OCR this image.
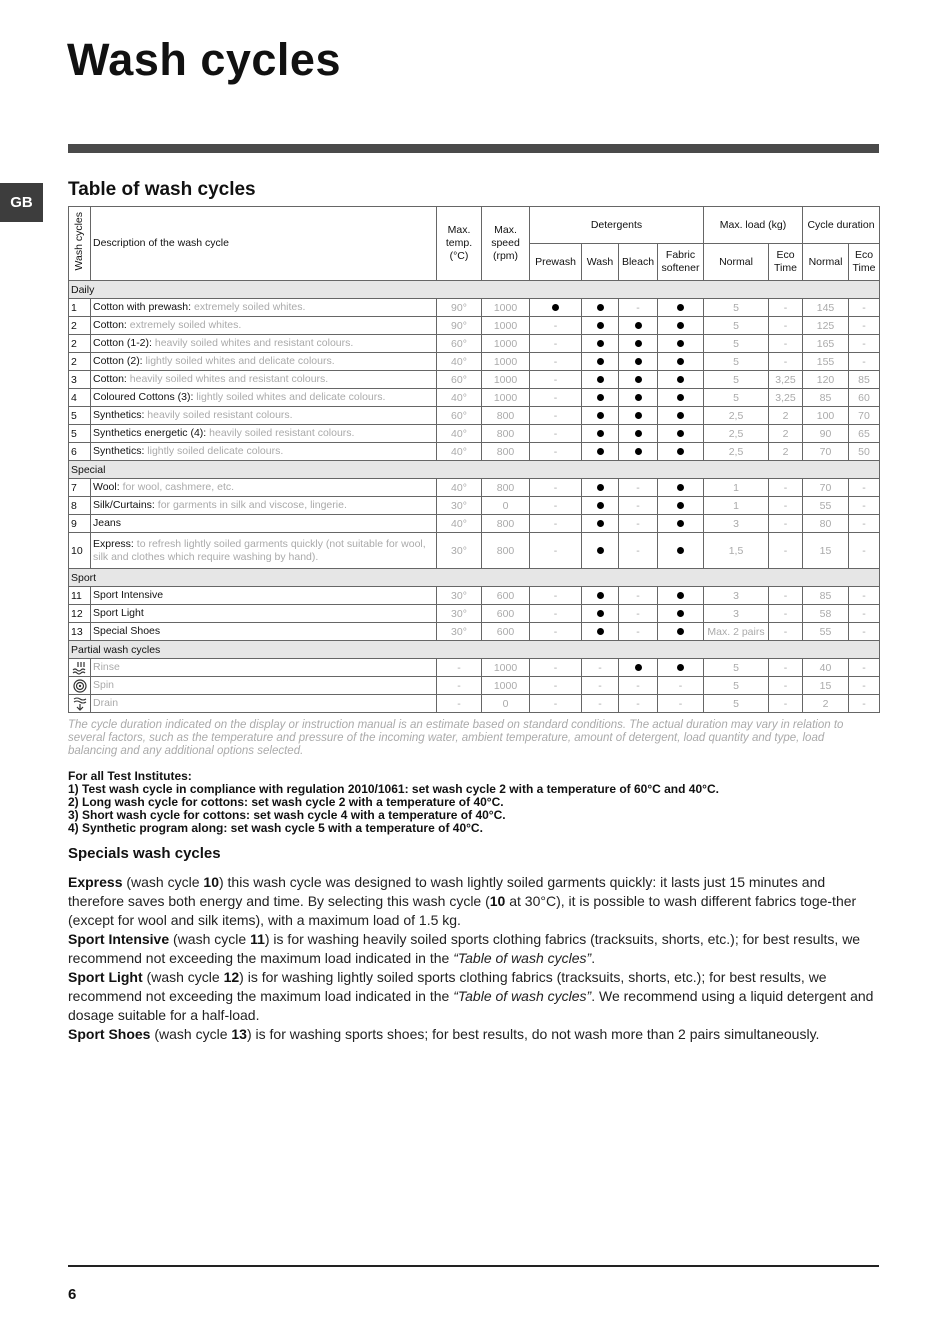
Wash cycles
GB
Table of wash cycles
Wash cycles	Description of the wash cycle	Max. temp. (°C)	Max. speed (rpm)	Detergents				Max. load (kg)		Cycle duration	
				Prewash	Wash	Bleach	Fabric softener	Normal	Eco Time	Normal	Eco Time
Daily											
1	Cotton with prewash: extremely soiled whites.	90°	1000			-		5	-	145	-
2	Cotton: extremely soiled whites.	90°	1000	-				5	-	125	-
2	Cotton (1-2): heavily soiled whites and resistant colours.	60°	1000	-				5	-	165	-
2	Cotton (2): lightly soiled whites and delicate colours.	40°	1000	-				5	-	155	-
3	Cotton: heavily soiled whites and resistant colours.	60°	1000	-				5	3,25	120	85
4	Coloured Cottons (3): lightly soiled whites and delicate colours.	40°	1000	-				5	3,25	85	60
5	Synthetics: heavily soiled resistant colours.	60°	800	-				2,5	2	100	70
5	Synthetics energetic (4): heavily soiled resistant colours.	40°	800	-				2,5	2	90	65
6	Synthetics: lightly soiled delicate colours.	40°	800	-				2,5	2	70	50
Special											
7	Wool: for wool, cashmere, etc.	40°	800	-		-		1	-	70	-
8	Silk/Curtains: for garments in silk and viscose, lingerie.	30°	0	-		-		1	-	55	-
9	Jeans	40°	800	-		-		3	-	80	-
10	Express: to refresh lightly soiled garments quickly (not suitable for wool, silk and clothes which require washing by hand).	30°	800	-		-		1,5	-	15	-
Sport											
11	Sport Intensive	30°	600	-		-		3	-	85	-
12	Sport Light	30°	600	-		-		3	-	58	-
13	Special Shoes	30°	600	-		-		Max. 2 pairs	-	55	-
Partial wash cycles											
	Rinse	-	1000	-	-			5	-	40	-
	Spin	-	1000	-	-	-	-	5	-	15	-
	Drain	-	0	-	-	-	-	5	-	2	-
The cycle duration indicated on the display or instruction manual is an estimate based on standard conditions. The actual duration may vary in relation to several factors, such as the temperature and pressure of the incoming water, ambient temperature, amount of detergent, load quantity and type, load balancing and any additional options selected.
For all Test Institutes:
1) Test wash cycle in compliance with regulation 2010/1061: set wash cycle 2 with a temperature of 60°C and 40°C.
2) Long wash cycle for cottons: set wash cycle 2 with a temperature of 40°C.
3) Short wash cycle for cottons: set wash cycle 4 with a temperature of 40°C.
4) Synthetic program along: set wash cycle 5 with a temperature of 40°C.
Specials wash cycles

Express (wash cycle 10) this wash cycle was designed to wash lightly soiled garments quickly: it lasts just 15 minutes and therefore saves both energy and time. By selecting this wash cycle (10 at 30°C), it is possible to wash different fabrics toge-ther (except for wool and silk items), with a maximum load of 1.5 kg.

Sport Intensive (wash cycle 11) is for washing heavily soiled sports clothing fabrics (tracksuits, shorts, etc.); for best results, we recommend not exceeding the maximum load indicated in the “Table of wash cycles”.

Sport Light (wash cycle 12) is for washing lightly soiled sports clothing fabrics (tracksuits, shorts, etc.); for best results, we recommend not exceeding the maximum load indicated in the “Table of wash cycles”. We recommend using a liquid detergent and dosage suitable for a half-load.

Sport Shoes (wash cycle 13) is for washing sports shoes; for best results, do not wash more than 2 pairs simultaneously.

6
